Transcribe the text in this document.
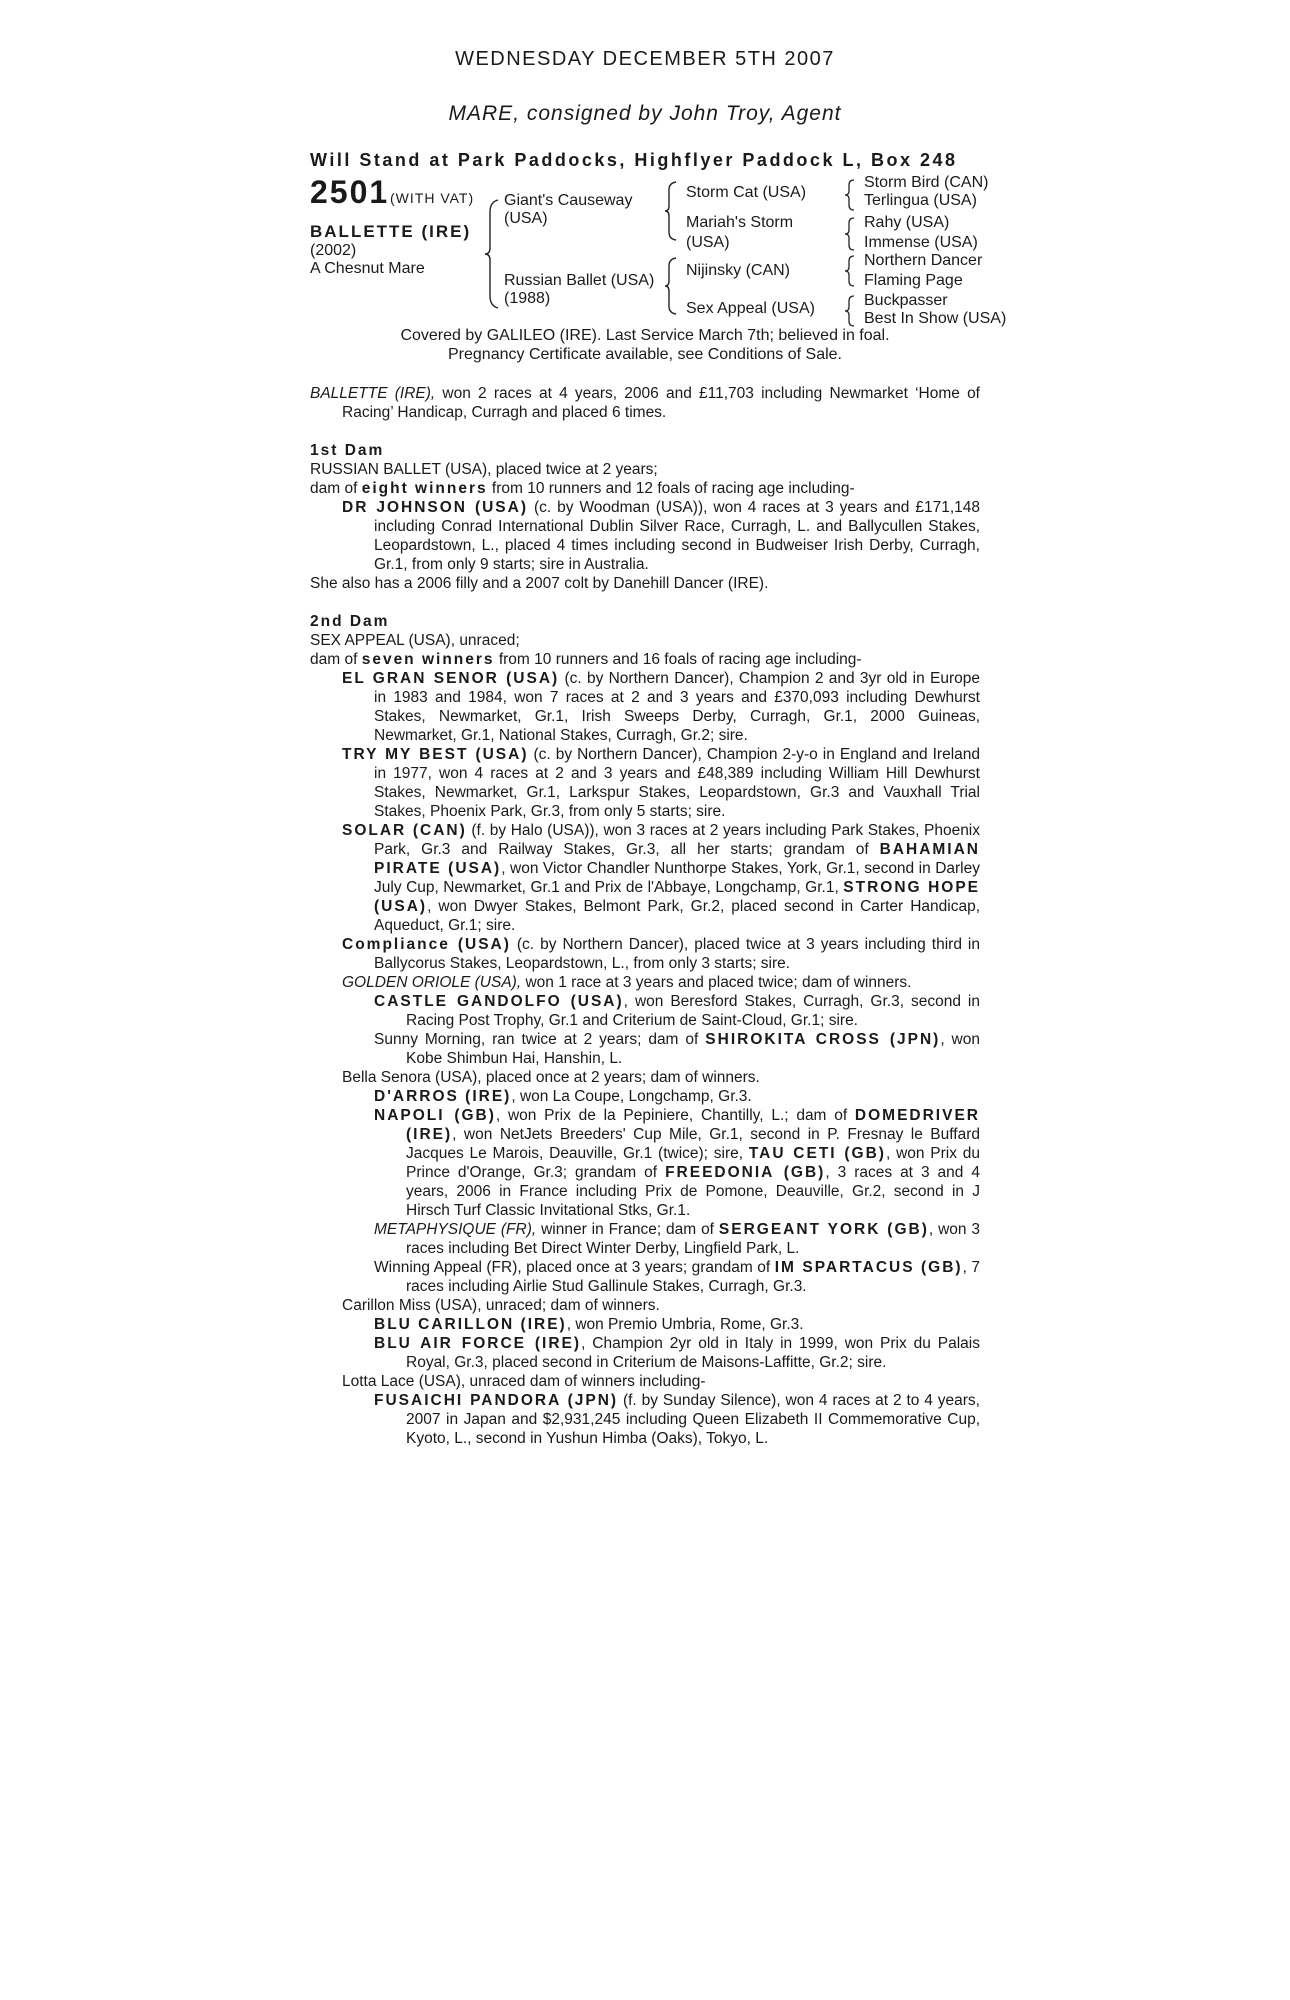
WEDNESDAY DECEMBER 5TH 2007
MARE, consigned by John Troy, Agent
Will Stand at Park Paddocks, Highflyer Paddock L, Box 248
2501 (WITH VAT)
BALLETTE (IRE)
(2002)
A Chesnut Mare
Giant's Causeway
(USA)
Russian Ballet (USA)
(1988)
Storm Cat (USA)
Mariah's Storm
(USA)
Nijinsky (CAN)
Sex Appeal (USA)
Storm Bird (CAN)
Terlingua (USA)
Rahy (USA)
Immense (USA)
Northern Dancer
Flaming Page
Buckpasser
Best In Show (USA)
Covered by GALILEO (IRE). Last Service March 7th; believed in foal.
Pregnancy Certificate available, see Conditions of Sale.

BALLETTE (IRE), won 2 races at 4 years, 2006 and £11,703 including Newmarket ‘Home of Racing’ Handicap, Curragh and placed 6 times.

1st Dam

RUSSIAN BALLET (USA), placed twice at 2 years;

dam of eight winners from 10 runners and 12 foals of racing age including-

DR JOHNSON (USA) (c. by Woodman (USA)), won 4 races at 3 years and £171,148 including Conrad International Dublin Silver Race, Curragh, L. and Ballycullen Stakes, Leopardstown, L., placed 4 times including second in Budweiser Irish Derby, Curragh, Gr.1, from only 9 starts; sire in Australia.

She also has a 2006 filly and a 2007 colt by Danehill Dancer (IRE).

2nd Dam

SEX APPEAL (USA), unraced;

dam of seven winners from 10 runners and 16 foals of racing age including-

EL GRAN SENOR (USA) (c. by Northern Dancer), Champion 2 and 3yr old in Europe in 1983 and 1984, won 7 races at 2 and 3 years and £370,093 including Dewhurst Stakes, Newmarket, Gr.1, Irish Sweeps Derby, Curragh, Gr.1, 2000 Guineas, Newmarket, Gr.1, National Stakes, Curragh, Gr.2; sire.

TRY MY BEST (USA) (c. by Northern Dancer), Champion 2-y-o in England and Ireland in 1977, won 4 races at 2 and 3 years and £48,389 including William Hill Dewhurst Stakes, Newmarket, Gr.1, Larkspur Stakes, Leopardstown, Gr.3 and Vauxhall Trial Stakes, Phoenix Park, Gr.3, from only 5 starts; sire.

SOLAR (CAN) (f. by Halo (USA)), won 3 races at 2 years including Park Stakes, Phoenix Park, Gr.3 and Railway Stakes, Gr.3, all her starts; grandam of BAHAMIAN PIRATE (USA), won Victor Chandler Nunthorpe Stakes, York, Gr.1, second in Darley July Cup, Newmarket, Gr.1 and Prix de l'Abbaye, Longchamp, Gr.1, STRONG HOPE (USA), won Dwyer Stakes, Belmont Park, Gr.2, placed second in Carter Handicap, Aqueduct, Gr.1; sire.

Compliance (USA) (c. by Northern Dancer), placed twice at 3 years including third in Ballycorus Stakes, Leopardstown, L., from only 3 starts; sire.

GOLDEN ORIOLE (USA), won 1 race at 3 years and placed twice; dam of winners.

CASTLE GANDOLFO (USA), won Beresford Stakes, Curragh, Gr.3, second in Racing Post Trophy, Gr.1 and Criterium de Saint-Cloud, Gr.1; sire.

Sunny Morning, ran twice at 2 years; dam of SHIROKITA CROSS (JPN), won Kobe Shimbun Hai, Hanshin, L.

Bella Senora (USA), placed once at 2 years; dam of winners.

D'ARROS (IRE), won La Coupe, Longchamp, Gr.3.

NAPOLI (GB), won Prix de la Pepiniere, Chantilly, L.; dam of DOMEDRIVER (IRE), won NetJets Breeders' Cup Mile, Gr.1, second in P. Fresnay le Buffard Jacques Le Marois, Deauville, Gr.1 (twice); sire, TAU CETI (GB), won Prix du Prince d'Orange, Gr.3; grandam of FREEDONIA (GB), 3 races at 3 and 4 years, 2006 in France including Prix de Pomone, Deauville, Gr.2, second in J Hirsch Turf Classic Invitational Stks, Gr.1.

METAPHYSIQUE (FR), winner in France; dam of SERGEANT YORK (GB), won 3 races including Bet Direct Winter Derby, Lingfield Park, L.

Winning Appeal (FR), placed once at 3 years; grandam of IM SPARTACUS (GB), 7 races including Airlie Stud Gallinule Stakes, Curragh, Gr.3.

Carillon Miss (USA), unraced; dam of winners.

BLU CARILLON (IRE), won Premio Umbria, Rome, Gr.3.

BLU AIR FORCE (IRE), Champion 2yr old in Italy in 1999, won Prix du Palais Royal, Gr.3, placed second in Criterium de Maisons-Laffitte, Gr.2; sire.

Lotta Lace (USA), unraced dam of winners including-

FUSAICHI PANDORA (JPN) (f. by Sunday Silence), won 4 races at 2 to 4 years, 2007 in Japan and $2,931,245 including Queen Elizabeth II Commemorative Cup, Kyoto, L., second in Yushun Himba (Oaks), Tokyo, L.
